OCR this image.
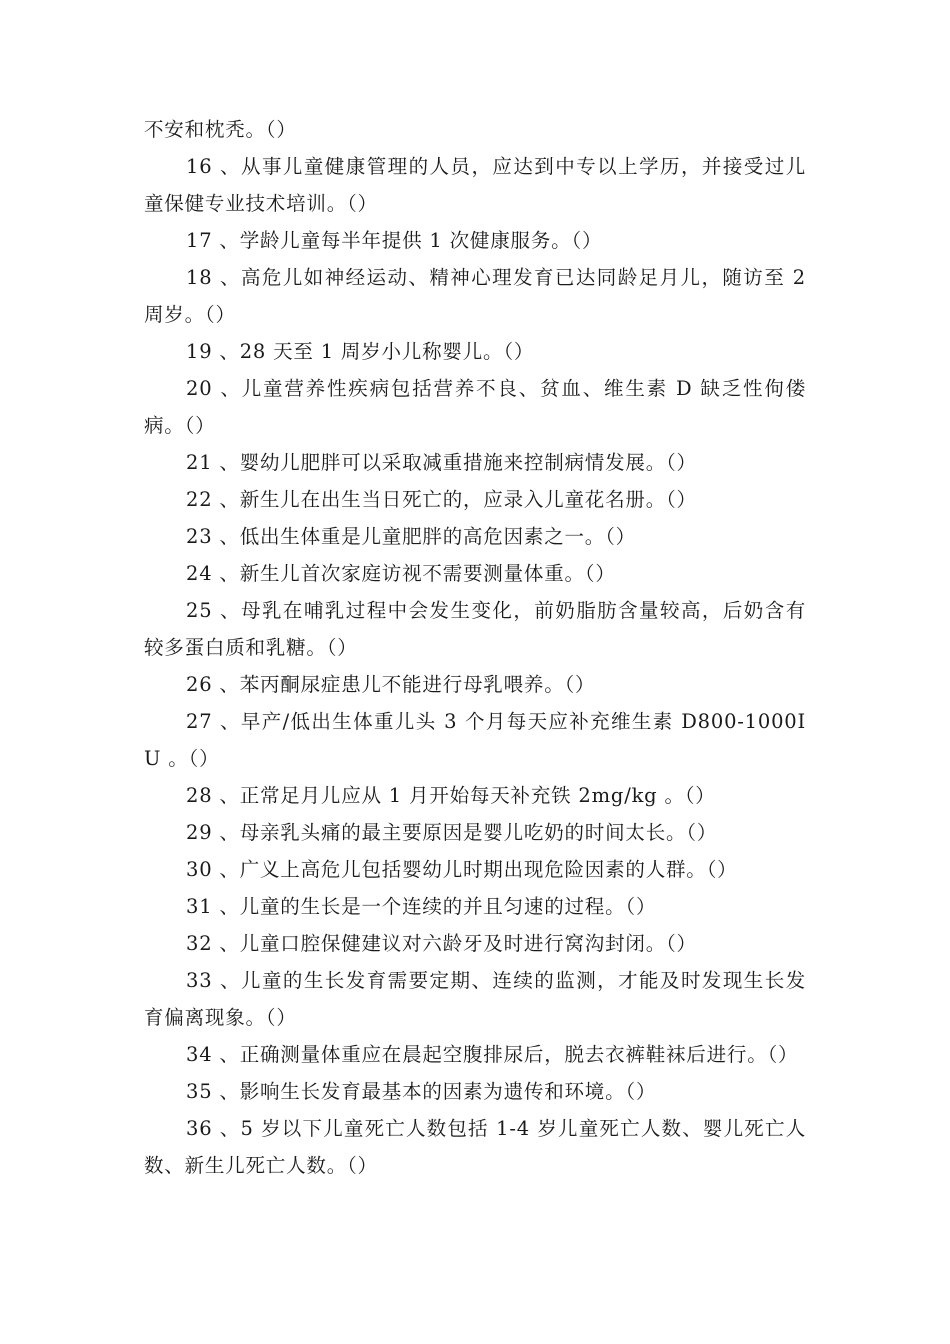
不安和枕秃。（）

16 、从事儿童健康管理的人员，应达到中专以上学历，并接受过儿童保健专业技术培训。（）

17 、学龄儿童每半年提供 1 次健康服务。（）

18 、高危儿如神经运动、精神心理发育已达同龄足月儿，随访至 2 周岁。（）

19 、28 天至 1 周岁小儿称婴儿。（）

20 、儿童营养性疾病包括营养不良、贫血、维生素 D 缺乏性佝偻病。（）

21 、婴幼儿肥胖可以采取减重措施来控制病情发展。（）

22 、新生儿在出生当日死亡的，应录入儿童花名册。（）

23 、低出生体重是儿童肥胖的高危因素之一。（）

24 、新生儿首次家庭访视不需要测量体重。（）

25 、母乳在哺乳过程中会发生变化，前奶脂肪含量较高，后奶含有较多蛋白质和乳糖。（）

26 、苯丙酮尿症患儿不能进行母乳喂养。（）

27 、早产/低出生体重儿头 3 个月每天应补充维生素 D800-1000IU 。（）

28 、正常足月儿应从 1 月开始每天补充铁 2mg/kg 。（）

29 、母亲乳头痛的最主要原因是婴儿吃奶的时间太长。（）

30 、广义上高危儿包括婴幼儿时期出现危险因素的人群。（）

31 、儿童的生长是一个连续的并且匀速的过程。（）

32 、儿童口腔保健建议对六龄牙及时进行窝沟封闭。（）

33 、儿童的生长发育需要定期、连续的监测，才能及时发现生长发育偏离现象。（）

34 、正确测量体重应在晨起空腹排尿后，脱去衣裤鞋袜后进行。（）

35 、影响生长发育最基本的因素为遗传和环境。（）

36 、5 岁以下儿童死亡人数包括 1-4 岁儿童死亡人数、婴儿死亡人数、新生儿死亡人数。（）
